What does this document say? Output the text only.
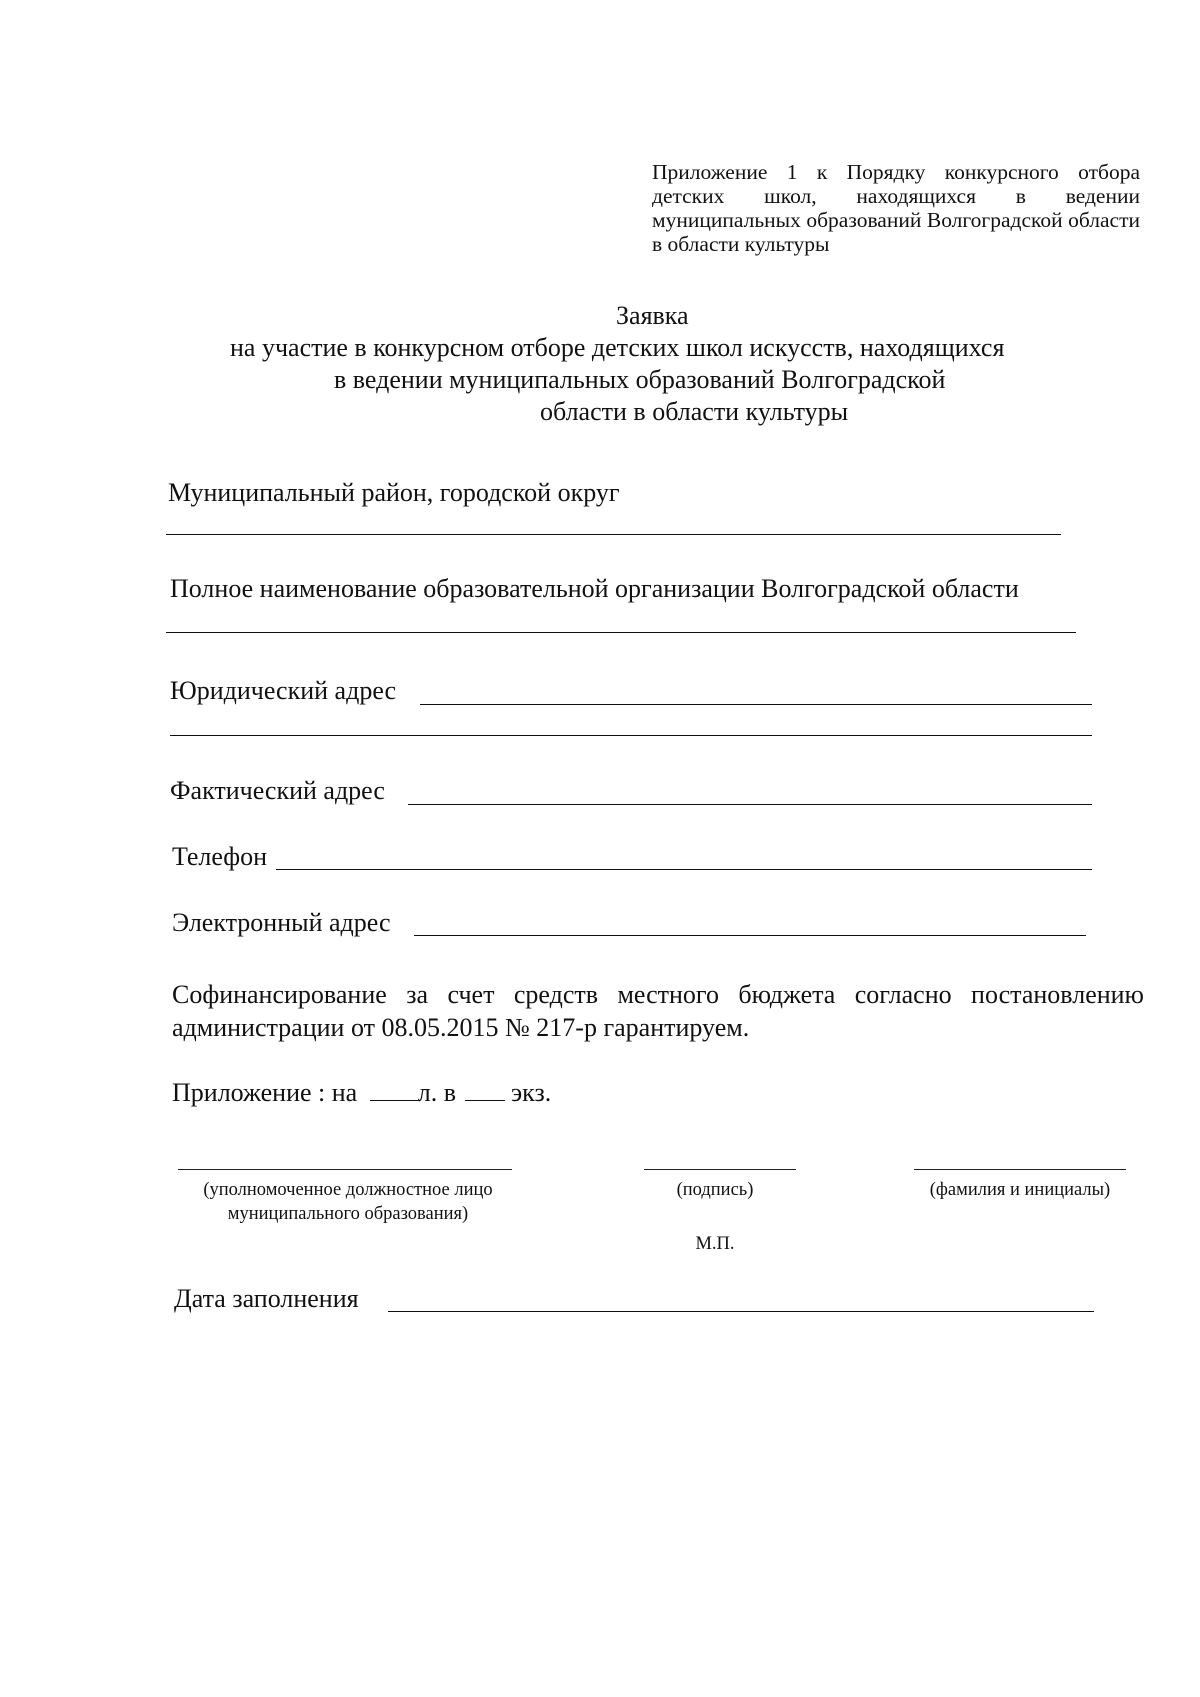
Приложение 1 к Порядку конкурсного отбора детских школ, находящихся в ведении муниципальных образований Волгоградской области в области культуры
Заявка
на участие в конкурсном отборе детских школ искусств, находящихся
в ведении муниципальных образований Волгоградской
области в области культуры
Муниципальный район, городской округ
Полное наименование образовательной организации Волгоградской области
Юридический адрес
Фактический адрес
Телефон
Электронный адрес
Софинансирование за счет средств местного бюджета согласно постановлению
администрации от 08.05.2015 № 217-р гарантируем.
Приложение : на л. в экз.
(уполномоченное должностное лицо
муниципального образования)
(подпись)	(фамилия и инициалы)
М.П.
Дата заполнения
